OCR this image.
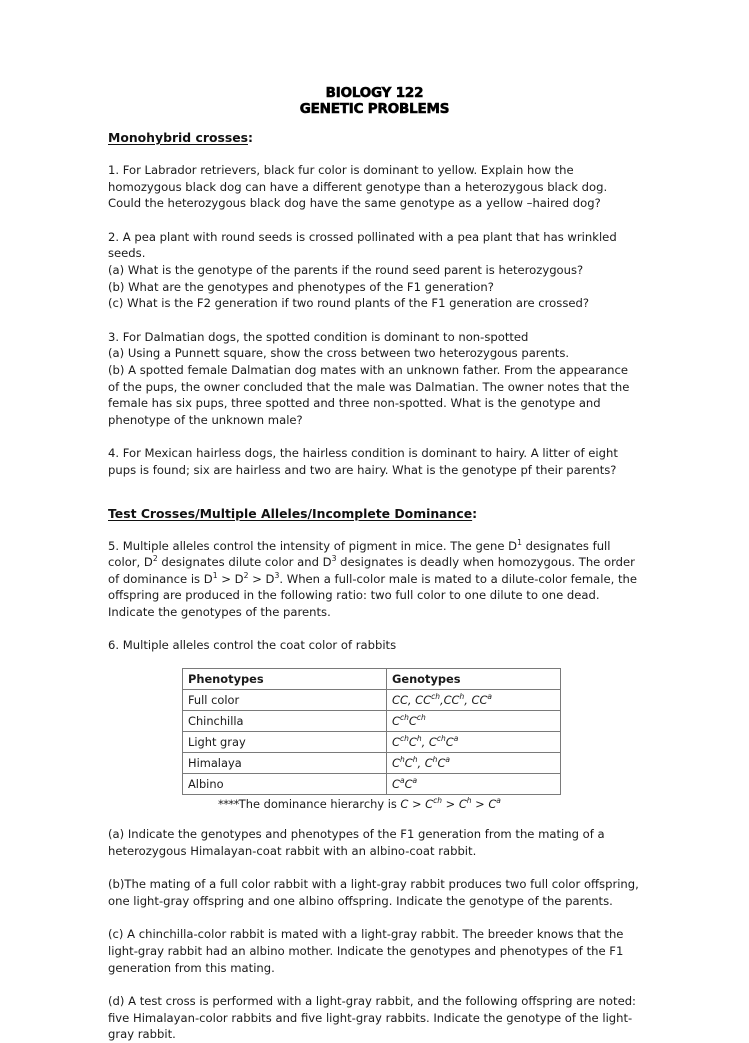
BIOLOGY 122
GENETIC PROBLEMS
Monohybrid crosses:

1. For Labrador retrievers, black fur color is dominant to yellow. Explain how the homozygous black dog can have a different genotype than a heterozygous black dog. Could the heterozygous black dog have the same genotype as a yellow –haired dog?

2. A pea plant with round seeds is crossed pollinated with a pea plant that has wrinkled seeds.

(a) What is the genotype of the parents if the round seed parent is heterozygous?

(b) What are the genotypes and phenotypes of the F1 generation?

(c) What is the F2 generation if two round plants of the F1 generation are crossed?

3. For Dalmatian dogs, the spotted condition is dominant to non-spotted

(a) Using a Punnett square, show the cross between two heterozygous parents.

(b) A spotted female Dalmatian dog mates with an unknown father. From the appearance of the pups, the owner concluded that the male was Dalmatian. The owner notes that the female has six pups, three spotted and three non-spotted. What is the genotype and phenotype of the unknown male?

4. For Mexican hairless dogs, the hairless condition is dominant to hairy. A litter of eight pups is found; six are hairless and two are hairy. What is the genotype pf their parents?

Test Crosses/Multiple Alleles/Incomplete Dominance:

5. Multiple alleles control the intensity of pigment in mice. The gene $D^1$ designates full color, $D^2$ designates dilute color and $D^3$ designates is deadly when homozygous. The order of dominance is $D^1 > D^2 > D^3$. When a full-color male is mated to a dilute-color female, the offspring are produced in the following ratio: two full color to one dilute to one dead. Indicate the genotypes of the parents.

6. Multiple alleles control the coat color of rabbits

Phenotypes	Genotypes
Full color	CC, $CC^{ch},CC^h$, $CC^a$
Chinchilla	$C^{ch}C^{ch}$
Light gray	$C^{ch}C^h$, $C^{ch}C^a$
Himalaya	$C^hC^h$, $C^hC^a$
Albino	$C^aC^a$

****The dominance hierarchy is $C > C^{ch} > C^h > C^a$

(a) Indicate the genotypes and phenotypes of the F1 generation from the mating of a heterozygous Himalayan-coat rabbit with an albino-coat rabbit.

(b)The mating of a full color rabbit with a light-gray rabbit produces two full color offspring, one light-gray offspring and one albino offspring. Indicate the genotype of the parents.

(c) A chinchilla-color rabbit is mated with a light-gray rabbit. The breeder knows that the light-gray rabbit had an albino mother. Indicate the genotypes and phenotypes of the F1 generation from this mating.

(d) A test cross is performed with a light-gray rabbit, and the following offspring are noted: five Himalayan-color rabbits and five light-gray rabbits. Indicate the genotype of the light-gray rabbit.
